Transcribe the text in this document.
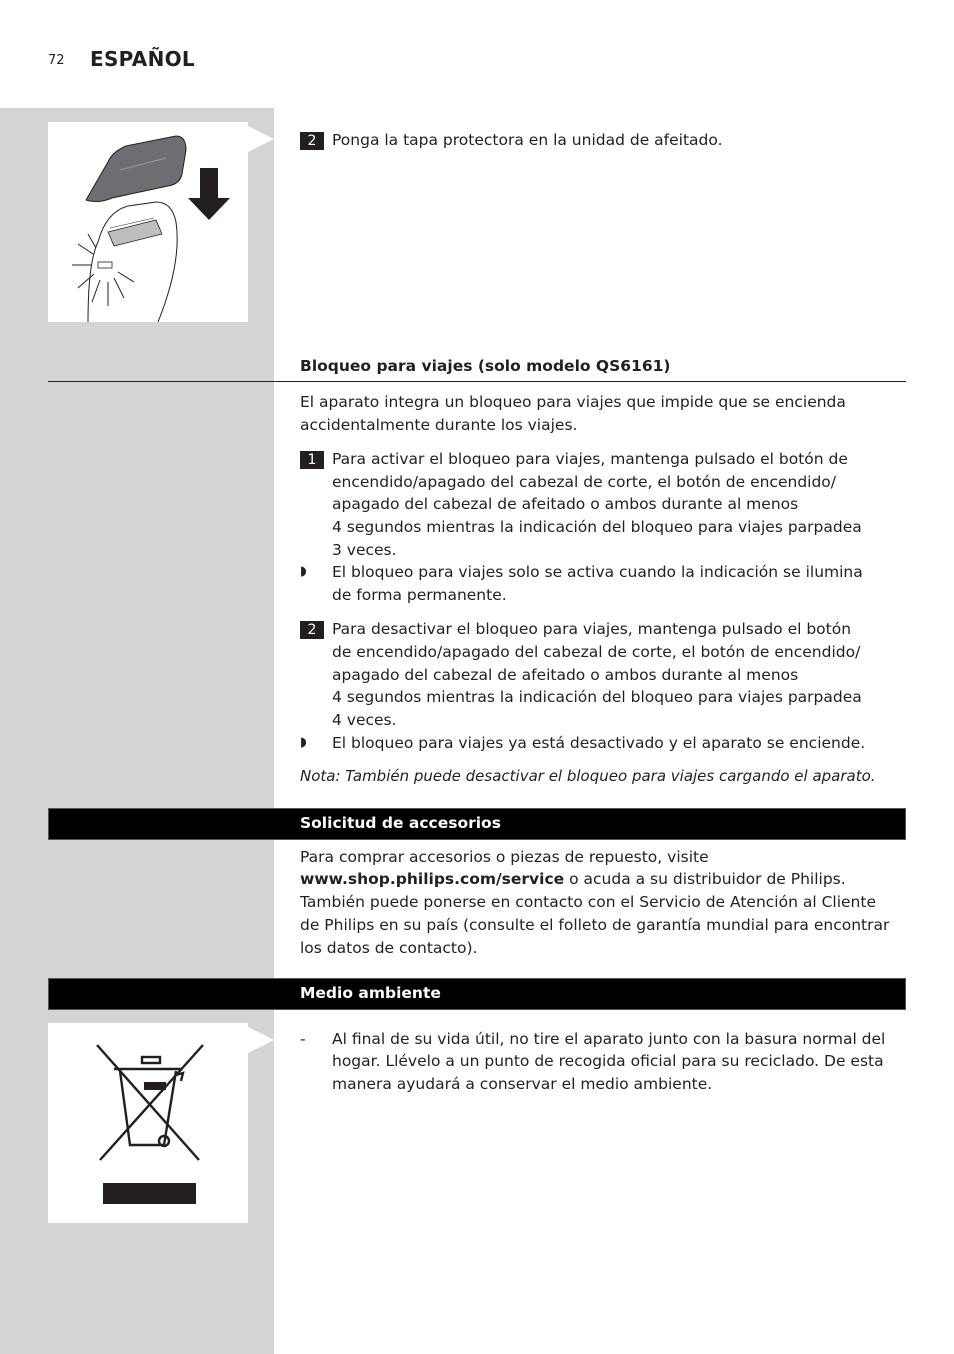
72 ESPAÑOL
2	Ponga la tapa protectora en la unidad de afeitado.
Bloqueo para viajes (solo modelo QS6161)
El aparato integra un bloqueo para viajes que impide que se encienda
accidentalmente durante los viajes.
1	Para activar el bloqueo para viajes, mantenga pulsado el botón de
encendido/apagado del cabezal de corte, el botón de encendido/
apagado del cabezal de afeitado o ambos durante al menos
4 segundos mientras la indicación del bloqueo para viajes parpadea
3 veces.
◗ El bloqueo para viajes solo se activa cuando la indicación se ilumina
de forma permanente.
2	Para desactivar el bloqueo para viajes, mantenga pulsado el botón
de encendido/apagado del cabezal de corte, el botón de encendido/
apagado del cabezal de afeitado o ambos durante al menos
4 segundos mientras la indicación del bloqueo para viajes parpadea
4 veces.
◗ El bloqueo para viajes ya está desactivado y el aparato se enciende.
Nota: También puede desactivar el bloqueo para viajes cargando el aparato.
Solicitud de accesorios
Para comprar accesorios o piezas de repuesto, visite
www.shop.philips.com/service o acuda a su distribuidor de Philips.
También puede ponerse en contacto con el Servicio de Atención al Cliente
de Philips en su país (consulte el folleto de garantía mundial para encontrar
los datos de contacto).
Medio ambiente
- Al final de su vida útil, no tire el aparato junto con la basura normal del
hogar. Llévelo a un punto de recogida oficial para su reciclado. De esta
manera ayudará a conservar el medio ambiente.
